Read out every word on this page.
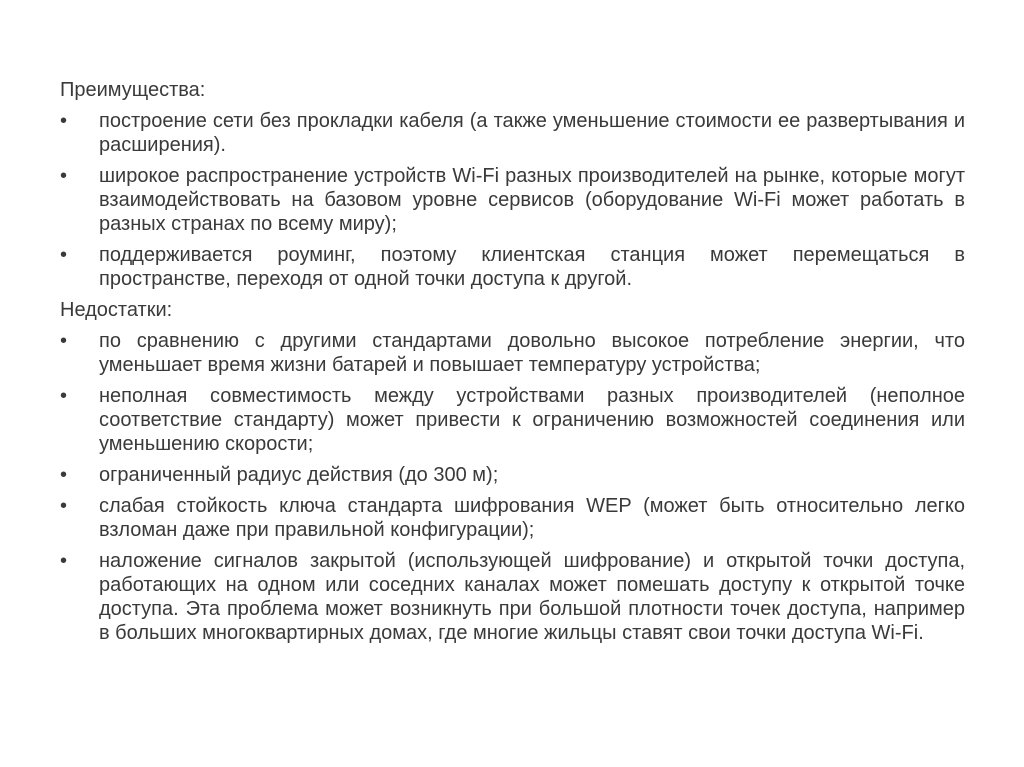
Преимущества:
•	построение сети без прокладки кабеля (а также уменьшение стоимости ее развертывания и расширения).
•	широкое распространение устройств Wi-Fi разных производителей на рынке, которые могут взаимодействовать на базовом уровне сервисов (оборудование Wi-Fi может работать в разных странах по всему миру);
•	поддерживается роуминг, поэтому клиентская станция может перемещаться в пространстве, переходя от одной точки доступа к другой.
Недостатки:
•	по сравнению с другими стандартами довольно высокое потребление энергии, что уменьшает время жизни батарей и повышает температуру устройства;
•	неполная совместимость между устройствами разных производителей (неполное соответствие стандарту) может привести к ограничению возможностей соединения или уменьшению скорости;
•	ограниченный радиус действия (до 300 м);
•	слабая стойкость ключа стандарта шифрования WEP (может быть относительно легко взломан даже при правильной конфигурации);
•	наложение сигналов закрытой (использующей шифрование) и открытой точки доступа, работающих на одном или соседних каналах может помешать доступу к открытой точке доступа. Эта проблема может возникнуть при большой плотности точек доступа, например в больших многоквартирных домах, где многие жильцы ставят свои точки доступа Wi-Fi.
